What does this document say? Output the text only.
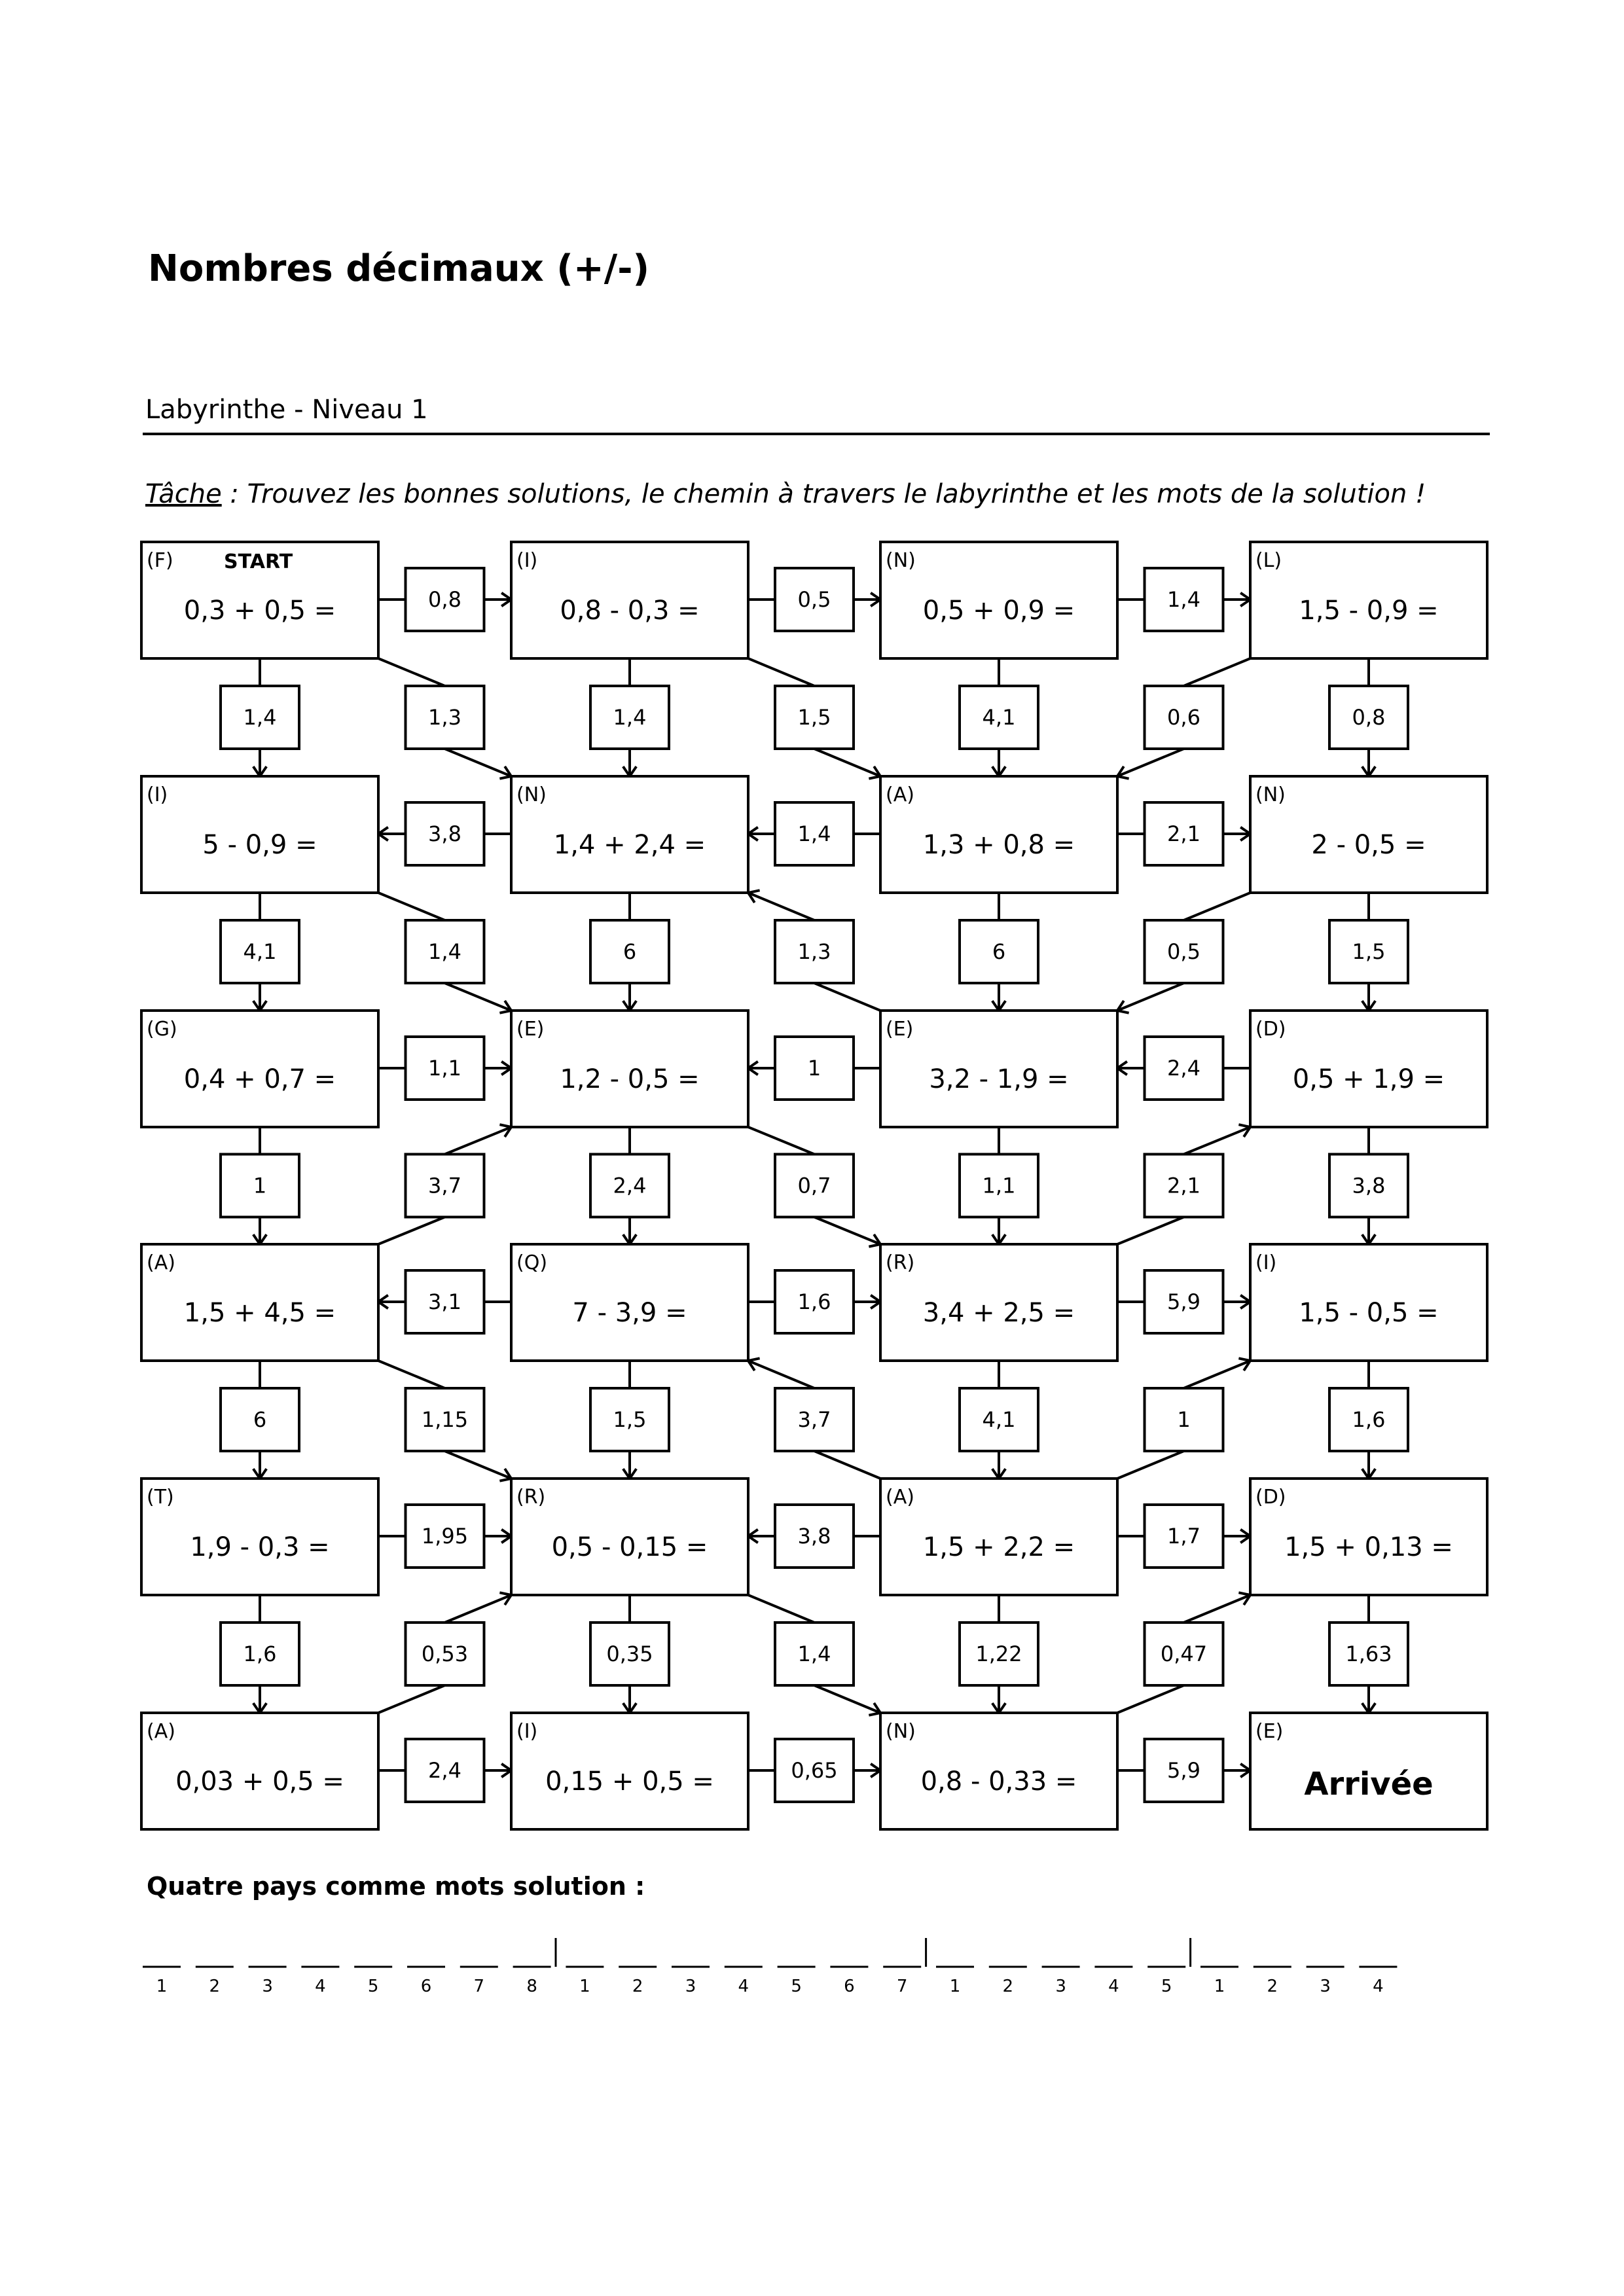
Nombres décimaux (+/-)
Labyrinthe - Niveau 1
Tâche : Trouvez les bonnes solutions, le chemin à travers le labyrinthe et les mots de la solution !
0,8	0,5	1,4
3,8	1,4	2,1
1,1	1	2,4
3,1	1,6	5,9
1,95	3,8	1,7
2,4	0,65	5,9
1,4	1,3	1,4	1,5	4,1	0,6	0,8
4,1	1,4	6	1,3	6	0,5	1,5
1	3,7	2,4	0,7	1,1	2,1	3,8
6	1,15	1,5	3,7	4,1	1	1,6
1,6	0,53	0,35	1,4	1,22	0,47	1,63
(F)
0,3 + 0,5 =
(I)
0,8 - 0,3 =
(N)
0,5 + 0,9 =
(L)
1,5 - 0,9 =
(I)
5 - 0,9 =
(N)
1,4 + 2,4 =
(A)
1,3 + 0,8 =
(N)
2 - 0,5 =
(G)
0,4 + 0,7 =
(E)
1,2 - 0,5 =
(E)
3,2 - 1,9 =
(D)
0,5 + 1,9 =
(A)
1,5 + 4,5 =
(Q)
7 - 3,9 =
(R)
3,4 + 2,5 =
(I)
1,5 - 0,5 =
(T)
1,9 - 0,3 =
(R)
0,5 - 0,15 =
(A)
1,5 + 2,2 =
(D)
1,5 + 0,13 =
(A)
0,03 + 0,5 =
(I)
0,15 + 0,5 =
(N)
0,8 - 0,33 =
(E)
Arrivée
START
Quatre pays comme mots solution :
1 2 3 4 5 6 7 8 1 2 3 4 5 6 7 1 2 3 4 5 1 2 3 4
